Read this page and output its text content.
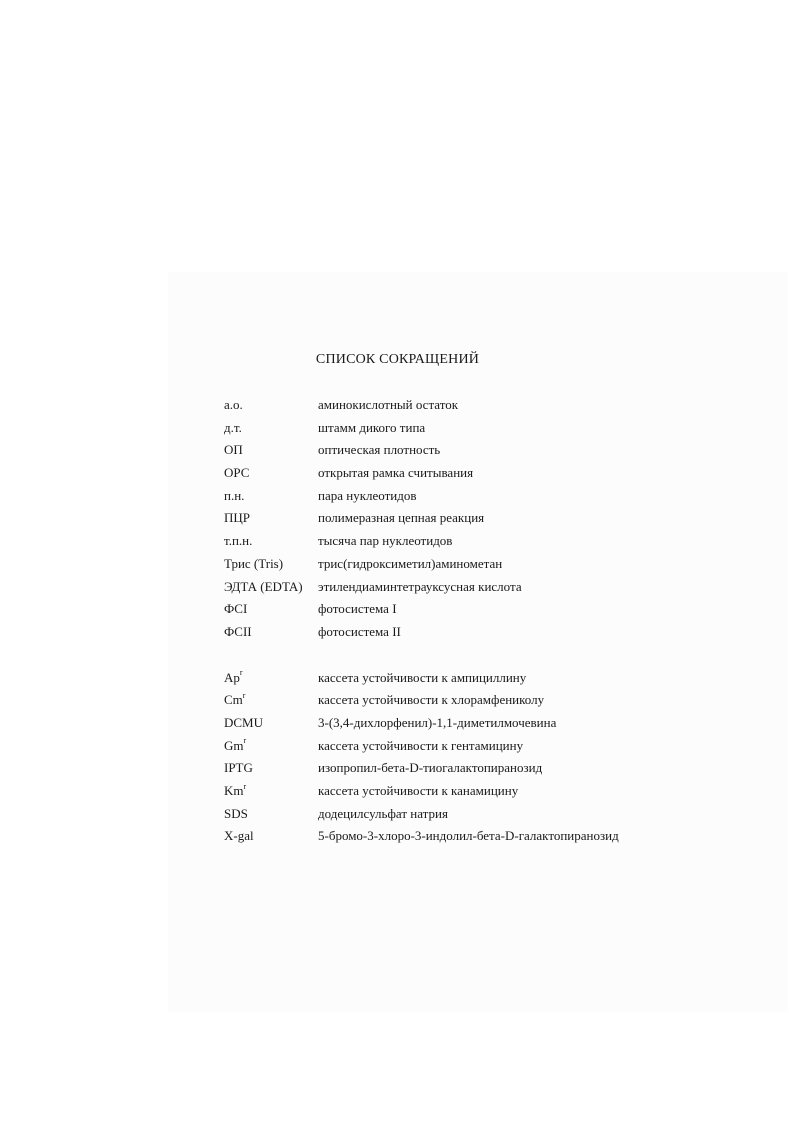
СПИСОК СОКРАЩЕНИЙ
а.о.	аминокислотный остаток
д.т.	штамм дикого типа
ОП	оптическая плотность
ОРС	открытая рамка считывания
п.н.	пара нуклеотидов
ПЦР	полимеразная цепная реакция
т.п.н.	тысяча пар нуклеотидов
Трис (Tris)	трис(гидроксиметил)аминометан
ЭДТА (EDTA) этилендиаминтетрауксусная кислота
ФСI	фотосистема I
ФСII	фотосистема II
Ap$^r$	кассета устойчивости к ампициллину
Cm$^r$	кассета устойчивости к хлорамфениколу
DCMU	3-(3,4-дихлорфенил)-1,1-диметилмочевина
Gm$^r$	кассета устойчивости к гентамицину
IPTG	изопропил-бета-D-тиогалактопиранозид
Km$^r$	кассета устойчивости к канамицину
SDS	додецилсульфат натрия
X-gal	5-бромо-3-хлоро-3-индолил-бета-D-галактопиранозид
